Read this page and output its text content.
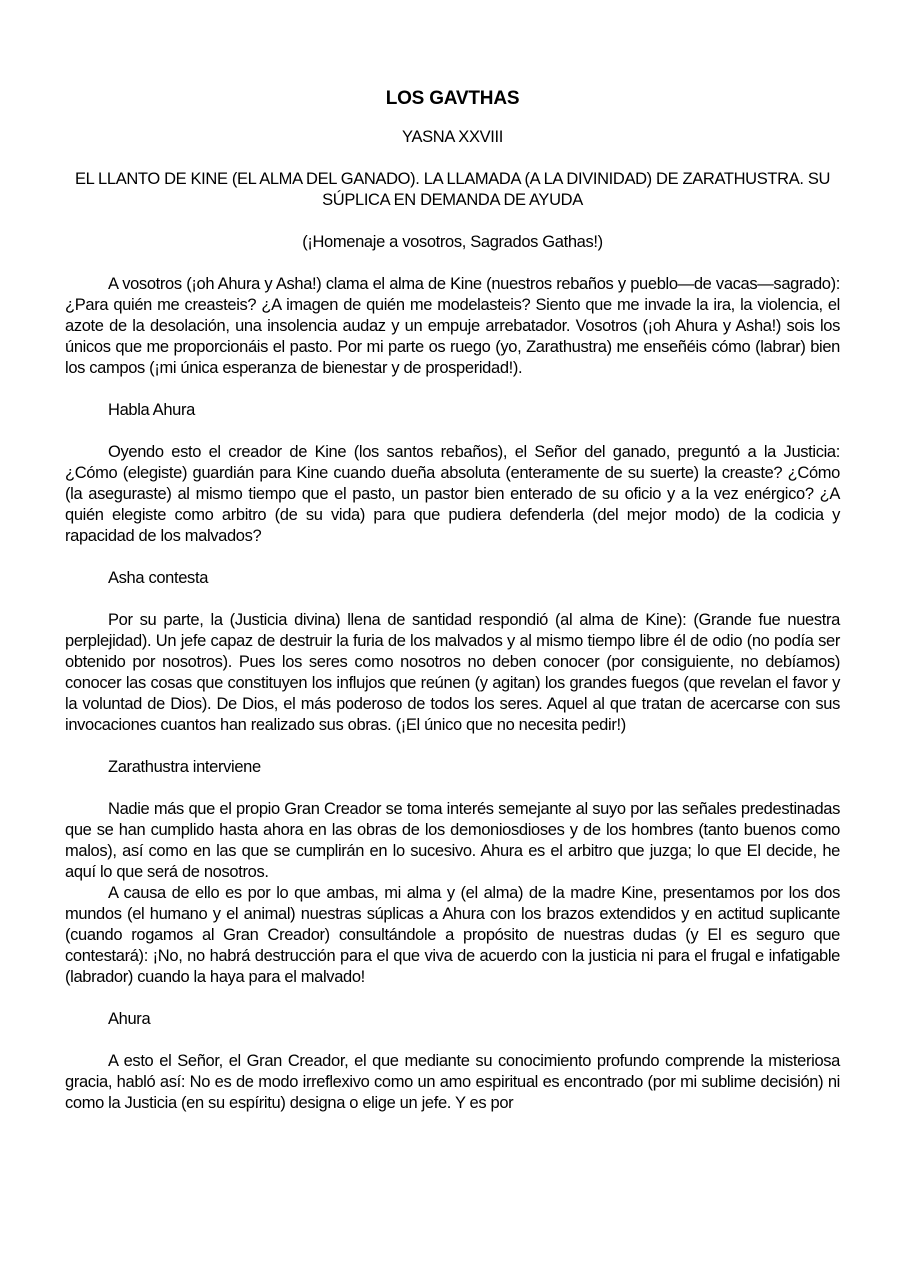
LOS GAVTHAS
YASNA XXVIII
EL LLANTO DE KINE (EL ALMA DEL GANADO). LA LLAMADA (A LA DIVINIDAD) DE ZARATHUSTRA. SU SÚPLICA EN DEMANDA DE AYUDA
(¡Homenaje a vosotros, Sagrados Gathas!)

A vosotros (¡oh Ahura y Asha!) clama el alma de Kine (nuestros rebaños y pueblo—de vacas—sagrado): ¿Para quién me creasteis? ¿A imagen de quién me modelasteis? Siento que me invade la ira, la violencia, el azote de la desolación, una insolencia audaz y un empuje arrebatador. Vosotros (¡oh Ahura y Asha!) sois los únicos que me proporcionáis el pasto. Por mi parte os ruego (yo, Zarathustra) me enseñéis cómo (labrar) bien los campos (¡mi única esperanza de bienestar y de prosperidad!).

Habla Ahura

Oyendo esto el creador de Kine (los santos rebaños), el Señor del ganado, preguntó a la Justicia: ¿Cómo (elegiste) guardián para Kine cuando dueña absoluta (enteramente de su suerte) la creaste? ¿Cómo (la aseguraste) al mismo tiempo que el pasto, un pastor bien enterado de su oficio y a la vez enérgico? ¿A quién elegiste como arbitro (de su vida) para que pudiera defenderla (del mejor modo) de la codicia y rapacidad de los malvados?

Asha contesta

Por su parte, la (Justicia divina) llena de santidad respondió (al alma de Kine): (Grande fue nuestra perplejidad). Un jefe capaz de destruir la furia de los malvados y al mismo tiempo libre él de odio (no podía ser obtenido por nosotros). Pues los seres como nosotros no deben conocer (por consiguiente, no debíamos) conocer las cosas que constituyen los influjos que reúnen (y agitan) los grandes fuegos (que revelan el favor y la voluntad de Dios). De Dios, el más poderoso de todos los seres. Aquel al que tratan de acercarse con sus invocaciones cuantos han realizado sus obras. (¡El único que no necesita pedir!)

Zarathustra interviene

Nadie más que el propio Gran Creador se toma interés semejante al suyo por las señales predestinadas que se han cumplido hasta ahora en las obras de los demoniosdioses y de los hombres (tanto buenos como malos), así como en las que se cumplirán en lo sucesivo. Ahura es el arbitro que juzga; lo que El decide, he aquí lo que será de nosotros.

A causa de ello es por lo que ambas, mi alma y (el alma) de la madre Kine, presentamos por los dos mundos (el humano y el animal) nuestras súplicas a Ahura con los brazos extendidos y en actitud suplicante (cuando rogamos al Gran Creador) consultándole a propósito de nuestras dudas (y El es seguro que contestará): ¡No, no habrá destrucción para el que viva de acuerdo con la justicia ni para el frugal e infatigable (labrador) cuando la haya para el malvado!

Ahura

A esto el Señor, el Gran Creador, el que mediante su conocimiento profundo comprende la misteriosa gracia, habló así: No es de modo irreflexivo como un amo espiritual es encontrado (por mi sublime decisión) ni como la Justicia (en su espíritu) designa o elige un jefe. Y es por
